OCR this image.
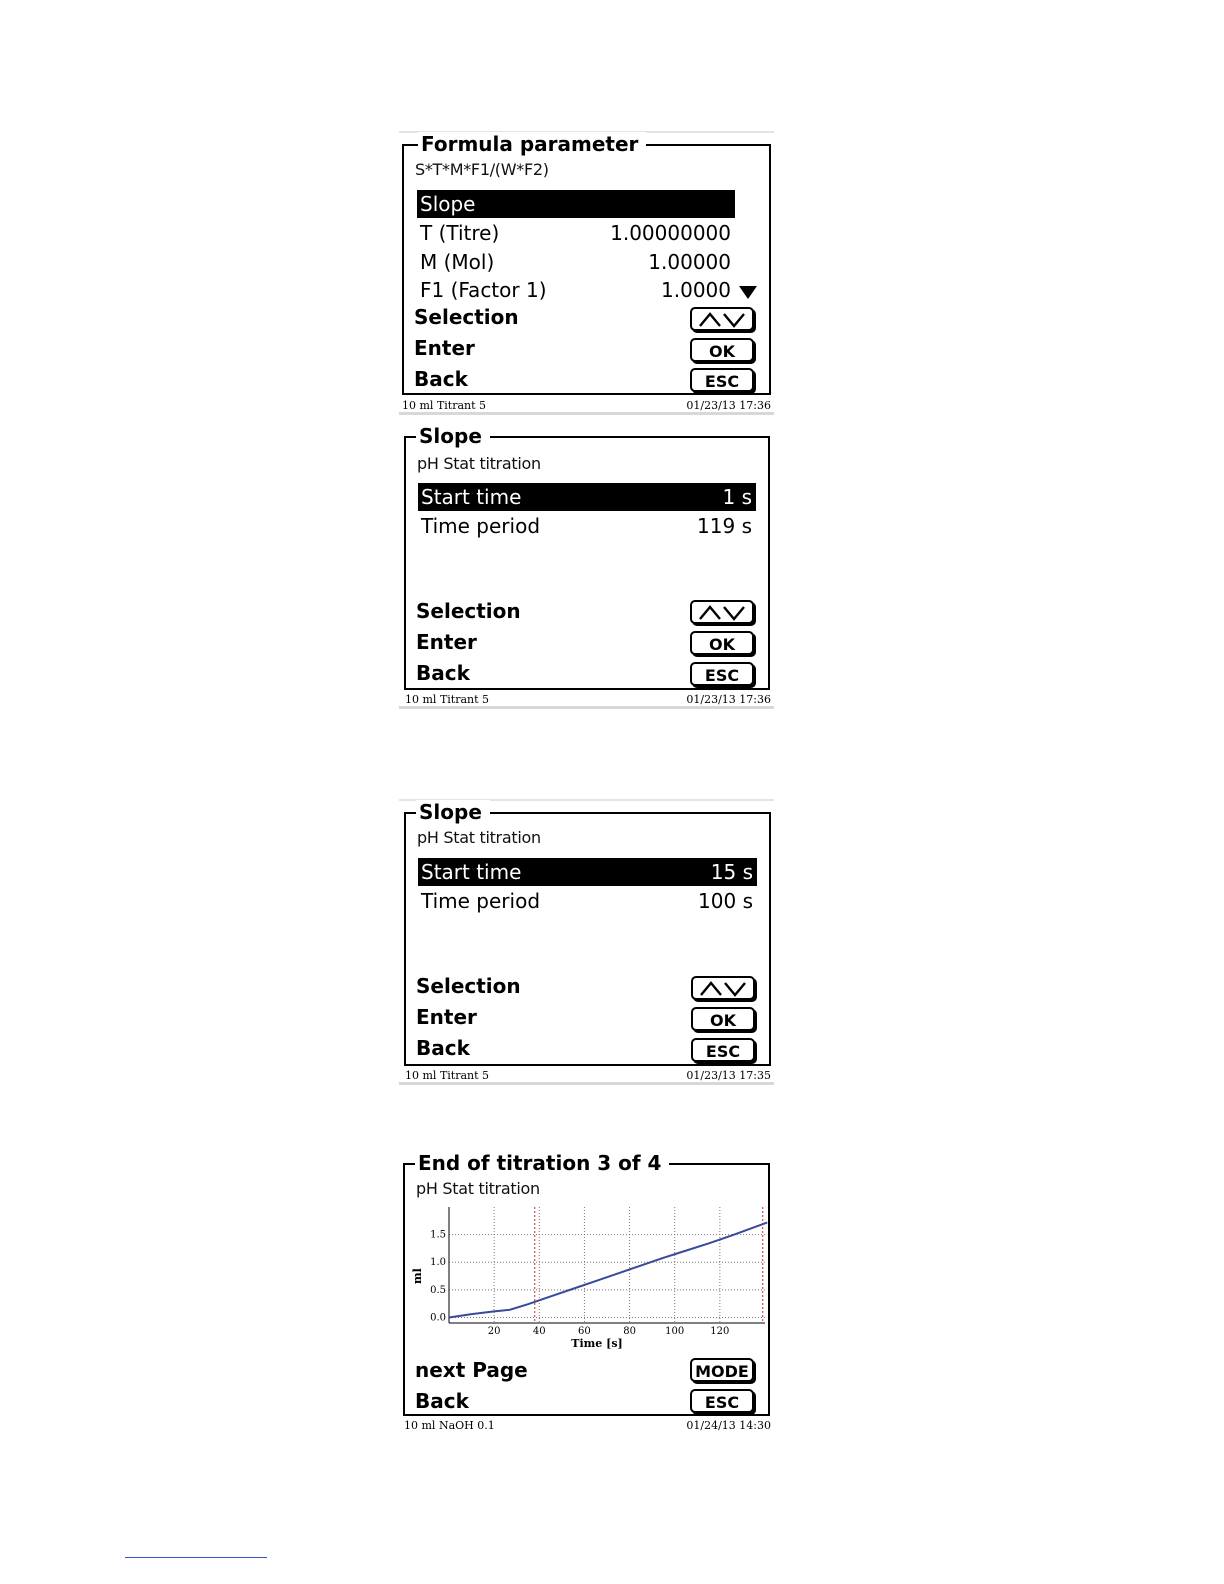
Formula parameter
S*T*M*F1/(W*F2)
Slope
T (Titre)	1.00000000
M (Mol)	1.00000
F1 (Factor 1)	1.0000
Selection
Enter	OK
Back	ESC
10 ml Titrant 5	01/23/13 17:36
Slope
pH Stat titration
Start time	1 s
Time period	119 s
Selection
Enter	OK
Back	ESC
10 ml Titrant 5	01/23/13 17:36
Slope
pH Stat titration
Start time	15 s
Time period	100 s
Selection
Enter	OK
Back	ESC
10 ml Titrant 5	01/23/13 17:35
End of titration 3 of 4
pH Stat titration
20	40	60	80	100	120
0.0
0.5
1.0
1.5
Time [s]
ml
next Page	MODE
Back	ESC
10 ml NaOH 0.1	01/24/13 14:30
